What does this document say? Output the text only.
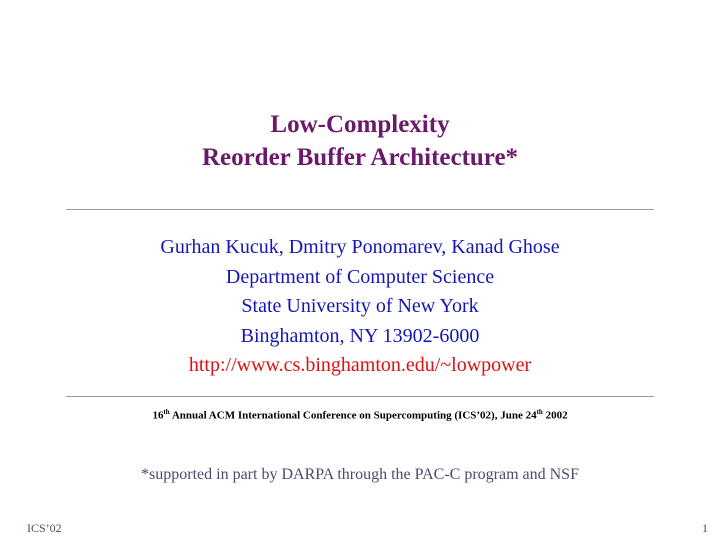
Low-Complexity
Reorder Buffer Architecture*
Gurhan Kucuk, Dmitry Ponomarev, Kanad Ghose
Department of Computer Science
State University of New York
Binghamton, NY 13902-6000
http://www.cs.binghamton.edu/~lowpower
16th Annual ACM International Conference on Supercomputing (ICS’02), June 24th 2002
*supported in part by DARPA through the PAC-C program and NSF
ICS’02	1
